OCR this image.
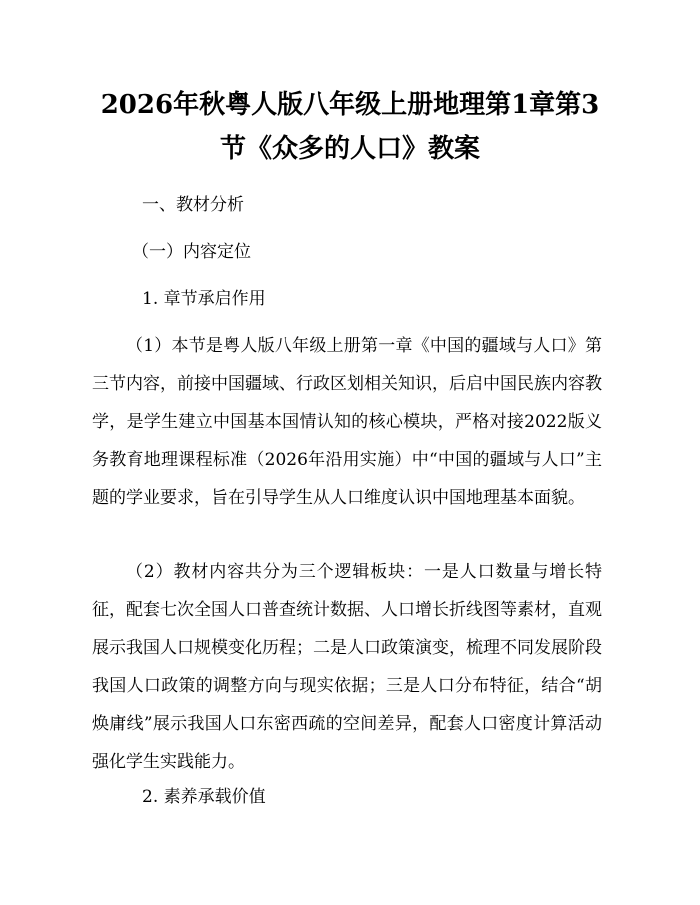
2026年秋粤人版八年级上册地理第1章第3
节《众多的人口》教案
一、教材分析
（一）内容定位
1. 章节承启作用

（1）本节是粤人版八年级上册第一章《中国的疆域与人口》第三节内容，前接中国疆域、行政区划相关知识，后启中国民族内容教学，是学生建立中国基本国情认知的核心模块，严格对接2022版义务教育地理课程标准（2026年沿用实施）中“中国的疆域与人口”主题的学业要求，旨在引导学生从人口维度认识中国地理基本面貌。

（2）教材内容共分为三个逻辑板块：一是人口数量与增长特征，配套七次全国人口普查统计数据、人口增长折线图等素材，直观展示我国人口规模变化历程；二是人口政策演变，梳理不同发展阶段我国人口政策的调整方向与现实依据；三是人口分布特征，结合“胡焕庸线”展示我国人口东密西疏的空间差异，配套人口密度计算活动强化学生实践能力。

2. 素养承载价值
